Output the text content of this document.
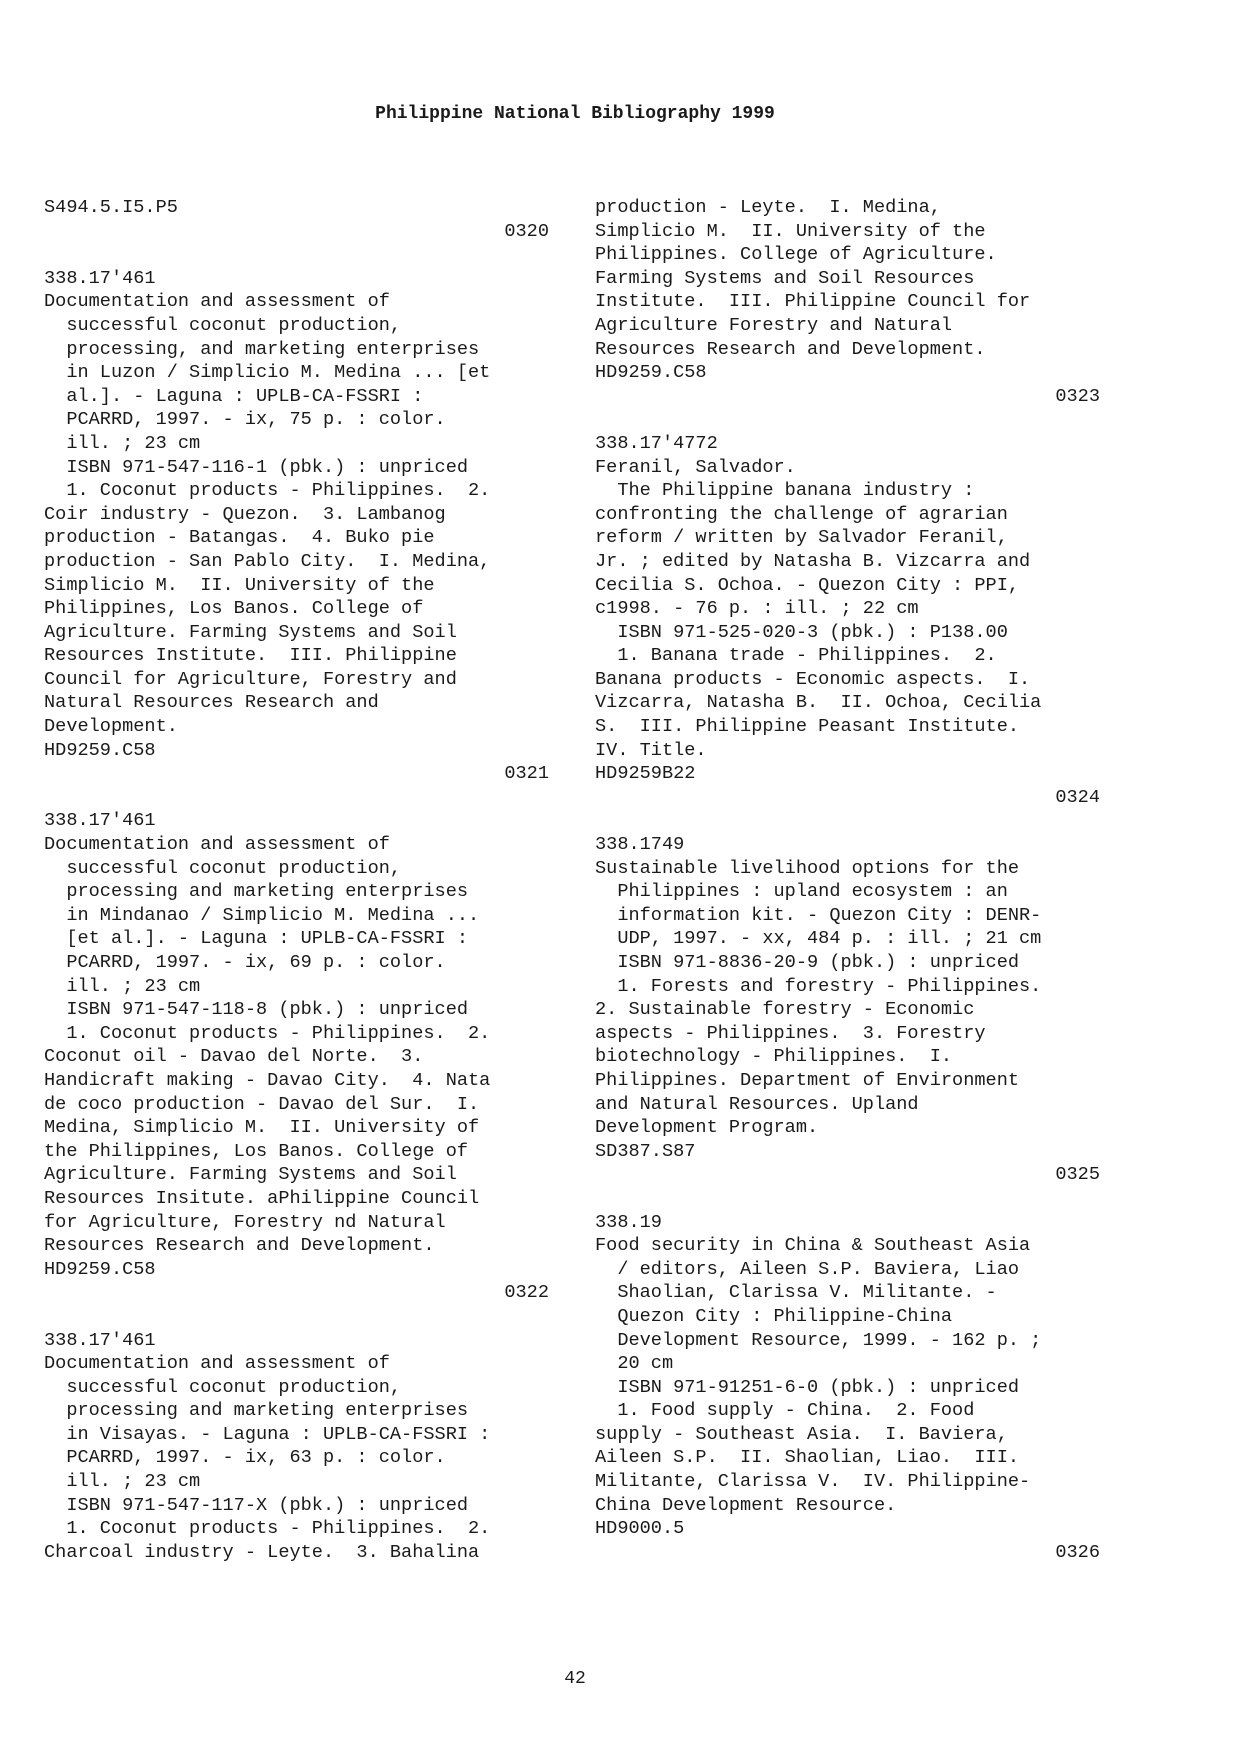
Philippine National Bibliography 1999
S494.5.I5.P5
0320
338.17'461
Documentation and assessment of
successful coconut production,
processing, and marketing enterprises
in Luzon / Simplicio M. Medina ... [et
al.]. - Laguna : UPLB-CA-FSSRI :
PCARRD, 1997. - ix, 75 p. : color.
ill. ; 23 cm
ISBN 971-547-116-1 (pbk.) : unpriced
1. Coconut products - Philippines.  2.
Coir industry - Quezon.  3. Lambanog
production - Batangas.  4. Buko pie
production - San Pablo City.  I. Medina,
Simplicio M.  II. University of the
Philippines, Los Banos. College of
Agriculture. Farming Systems and Soil
Resources Institute.  III. Philippine
Council for Agriculture, Forestry and
Natural Resources Research and
Development.
HD9259.C58
0321
338.17'461
Documentation and assessment of
successful coconut production,
processing and marketing enterprises
in Mindanao / Simplicio M. Medina ...
[et al.]. - Laguna : UPLB-CA-FSSRI :
PCARRD, 1997. - ix, 69 p. : color.
ill. ; 23 cm
ISBN 971-547-118-8 (pbk.) : unpriced
1. Coconut products - Philippines.  2.
Coconut oil - Davao del Norte.  3.
Handicraft making - Davao City.  4. Nata
de coco production - Davao del Sur.  I.
Medina, Simplicio M.  II. University of
the Philippines, Los Banos. College of
Agriculture. Farming Systems and Soil
Resources Insitute. aPhilippine Council
for Agriculture, Forestry nd Natural
Resources Research and Development.
HD9259.C58
0322
338.17'461
Documentation and assessment of
successful coconut production,
processing and marketing enterprises
in Visayas. - Laguna : UPLB-CA-FSSRI :
PCARRD, 1997. - ix, 63 p. : color.
ill. ; 23 cm
ISBN 971-547-117-X (pbk.) : unpriced
1. Coconut products - Philippines.  2.
Charcoal industry - Leyte.  3. Bahalina
production - Leyte.  I. Medina,
Simplicio M.  II. University of the
Philippines. College of Agriculture.
Farming Systems and Soil Resources
Institute.  III. Philippine Council for
Agriculture Forestry and Natural
Resources Research and Development.
HD9259.C58
0323
338.17'4772
Feranil, Salvador.
The Philippine banana industry :
confronting the challenge of agrarian
reform / written by Salvador Feranil,
Jr. ; edited by Natasha B. Vizcarra and
Cecilia S. Ochoa. - Quezon City : PPI,
c1998. - 76 p. : ill. ; 22 cm
ISBN 971-525-020-3 (pbk.) : P138.00
1. Banana trade - Philippines.  2.
Banana products - Economic aspects.  I.
Vizcarra, Natasha B.  II. Ochoa, Cecilia
S.  III. Philippine Peasant Institute.
IV. Title.
HD9259B22
0324
338.1749
Sustainable livelihood options for the
Philippines : upland ecosystem : an
information kit. - Quezon City : DENR-
UDP, 1997. - xx, 484 p. : ill. ; 21 cm
ISBN 971-8836-20-9 (pbk.) : unpriced
1. Forests and forestry - Philippines.
2. Sustainable forestry - Economic
aspects - Philippines.  3. Forestry
biotechnology - Philippines.  I.
Philippines. Department of Environment
and Natural Resources. Upland
Development Program.
SD387.S87
0325
338.19
Food security in China & Southeast Asia
/ editors, Aileen S.P. Baviera, Liao
Shaolian, Clarissa V. Militante. -
Quezon City : Philippine-China
Development Resource, 1999. - 162 p. ;
20 cm
ISBN 971-91251-6-0 (pbk.) : unpriced
1. Food supply - China.  2. Food
supply - Southeast Asia.  I. Baviera,
Aileen S.P.  II. Shaolian, Liao.  III.
Militante, Clarissa V.  IV. Philippine-
China Development Resource.
HD9000.5
0326
42
